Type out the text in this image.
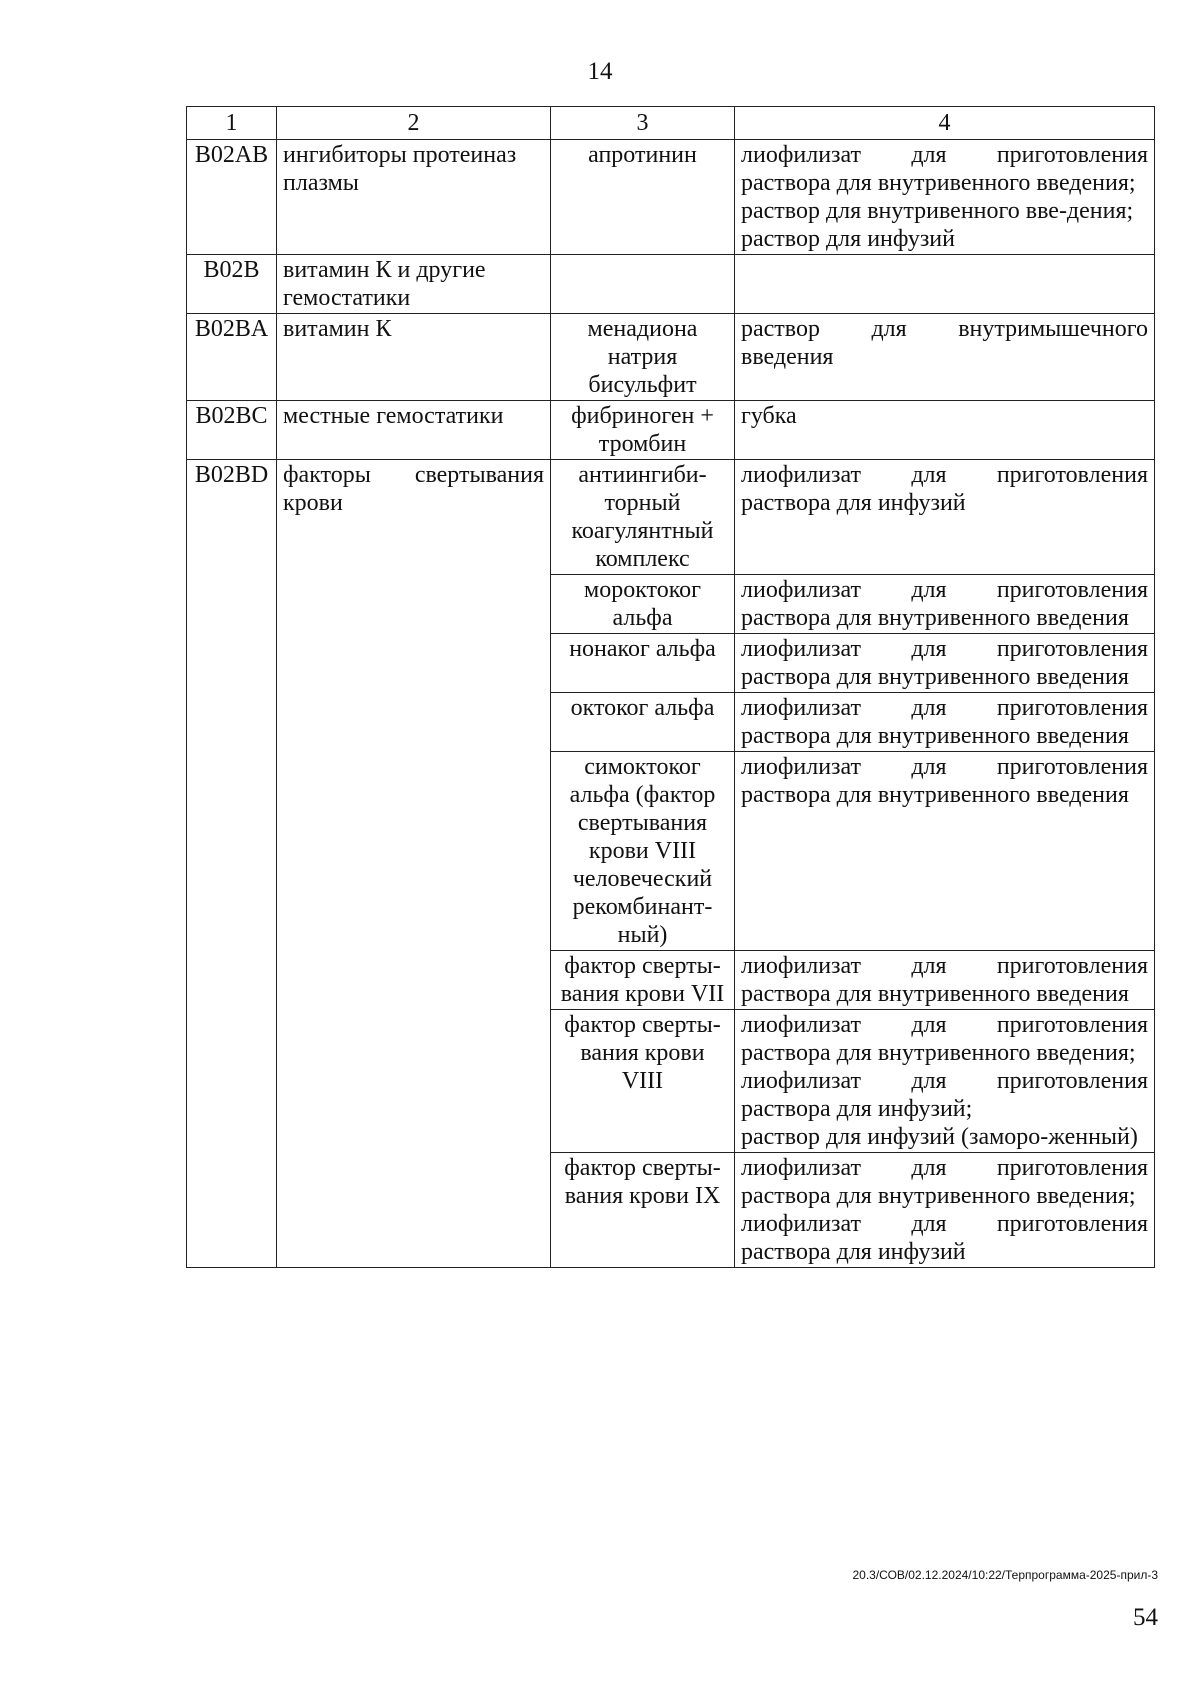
14
1	2	3	4
B02AB	ингибиторы протеиназ плазмы	апротинин	лиофилизат для приготовления раствора для внутривенного введения;
раствор для внутривенного вве-дения;
раствор для инфузий

B02B	витамин К и другие гемостатики		
B02BA	витамин К	менадиона натрия бисульфит	раствор для внутримышечного введения

B02BC	местные гемостатики	фибриноген + тромбин	губка

B02BD	факторы свертывания крови	антиингиби-торный коагулянтный комплекс	лиофилизат для приготовления раствора для инфузий

		мороктоког альфа	лиофилизат для приготовления раствора для внутривенного введения

		нонаког альфа	лиофилизат для приготовления раствора для внутривенного введения

		октоког альфа	лиофилизат для приготовления раствора для внутривенного введения

		симоктоког альфа (фактор свертывания крови VIII человеческий рекомбинант-ный)	лиофилизат для приготовления раствора для внутривенного введения

		фактор сверты-вания крови VII	лиофилизат для приготовления раствора для внутривенного введения

		фактор сверты-вания крови VIII	лиофилизат для приготовления раствора для внутривенного введения;
лиофилизат для приготовления раствора для инфузий;
раствор для инфузий (заморо-женный)

		фактор сверты-вания крови IX	лиофилизат для приготовления раствора для внутривенного введения;
лиофилизат для приготовления раствора для инфузий
20.3/СОВ/02.12.2024/10:22/Терпрограмма-2025-прил-3
54
